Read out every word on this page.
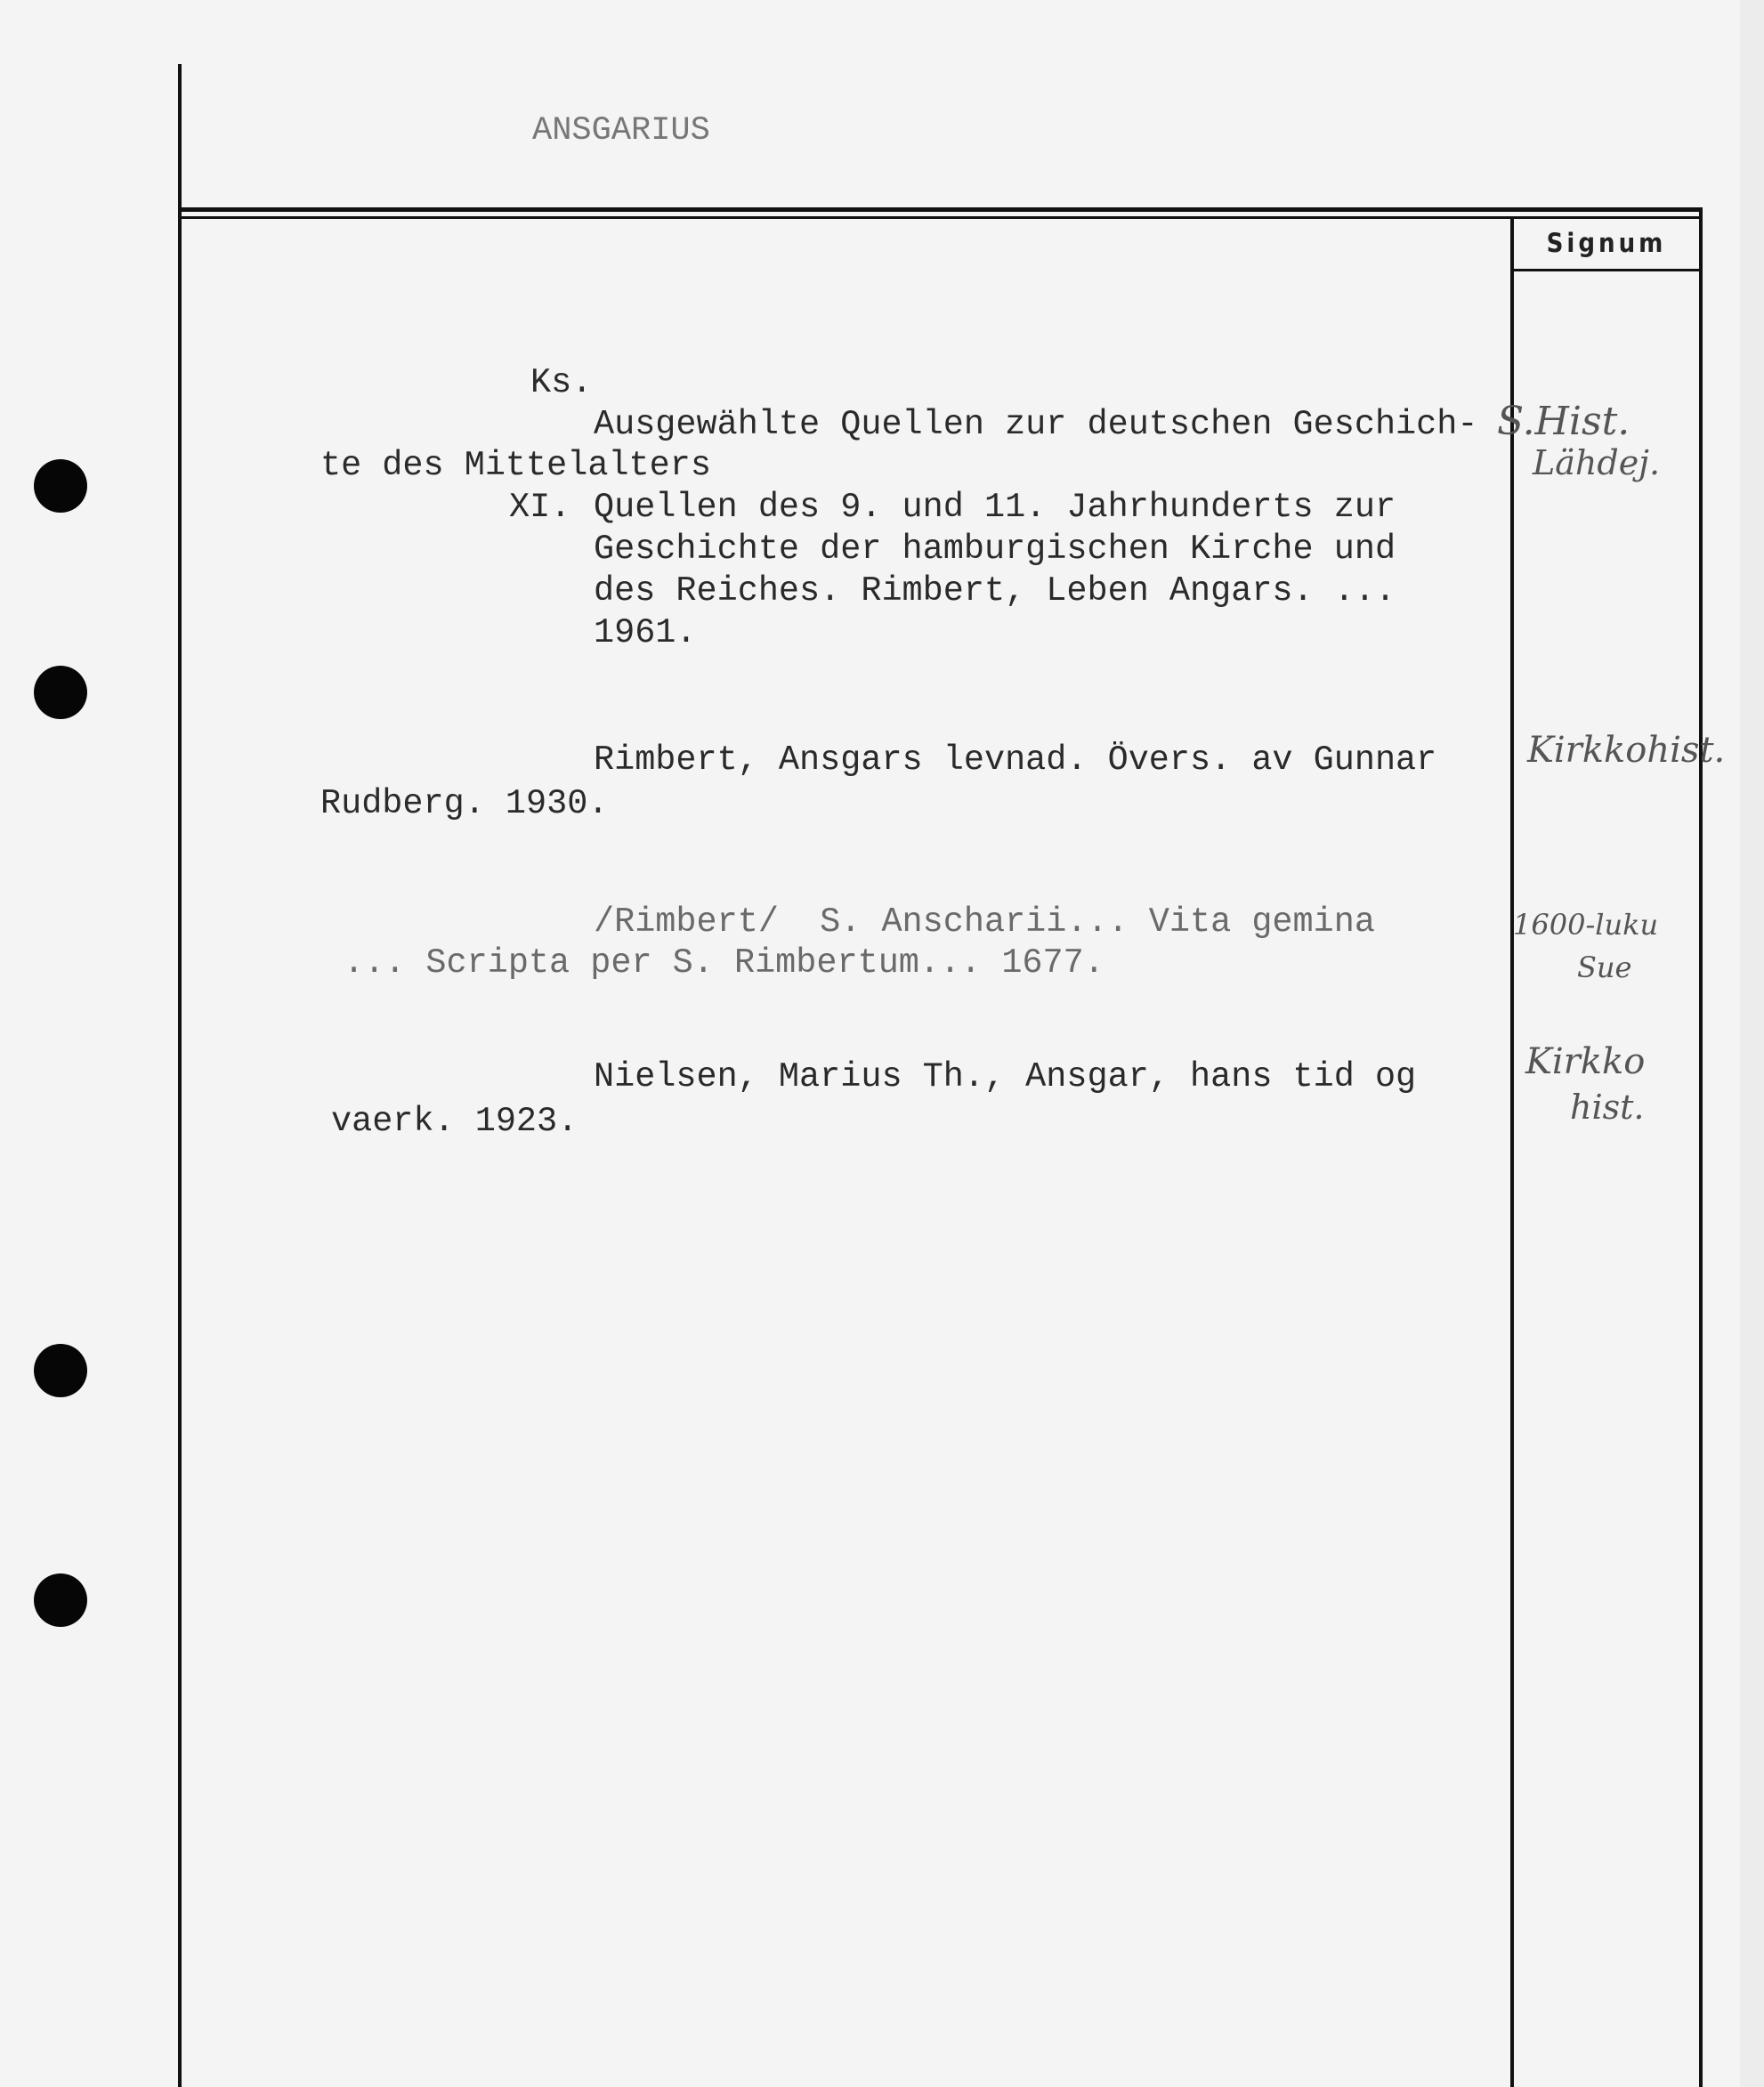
Signum
ANSGARIUS
Ks.
Ausgewählte Quellen zur deutschen Geschich-
te des Mittelalters
XI. Quellen des 9. und 11. Jahrhunderts zur
Geschichte der hamburgischen Kirche und
des Reiches. Rimbert, Leben Angars. ...
1961.
S.Hist.
Lähdej.
Rimbert, Ansgars levnad. Övers. av Gunnar
Rudberg. 1930.
Kirkkohist.
/Rimbert/  S. Anscharii... Vita gemina
... Scripta per S. Rimbertum... 1677.
1600-luku
Sue
Nielsen, Marius Th., Ansgar, hans tid og
vaerk. 1923.
Kirkko
hist.
